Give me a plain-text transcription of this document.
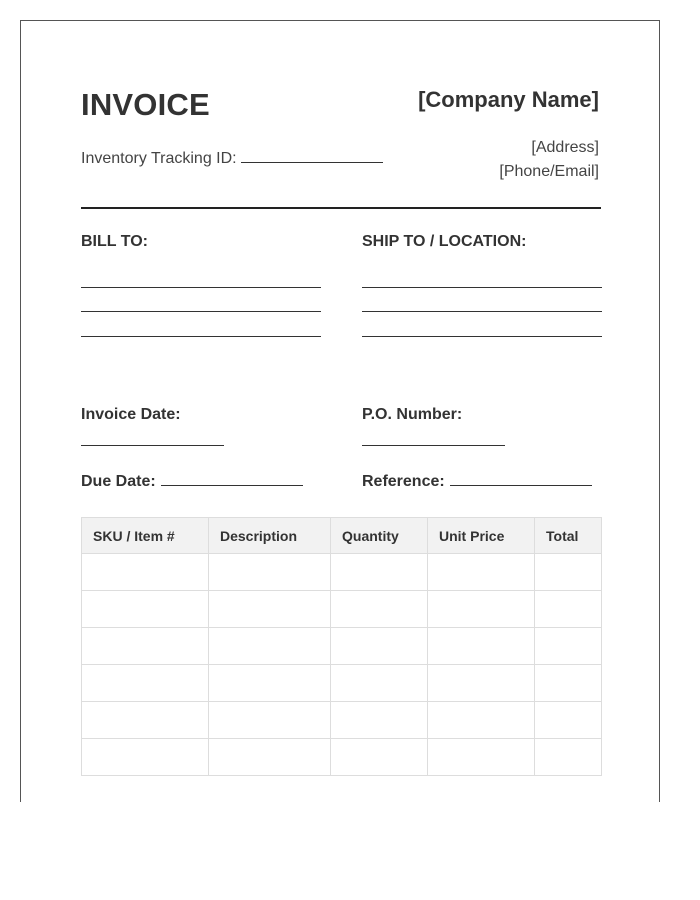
INVOICE	[Company Name]
Inventory Tracking ID:
[Address]
[Phone/Email]
BILL TO:	SHIP TO / LOCATION:
Invoice Date:	P.O. Number:
Due Date:	Reference:
SKU / Item #	Description	Quantity	Unit Price	Total
